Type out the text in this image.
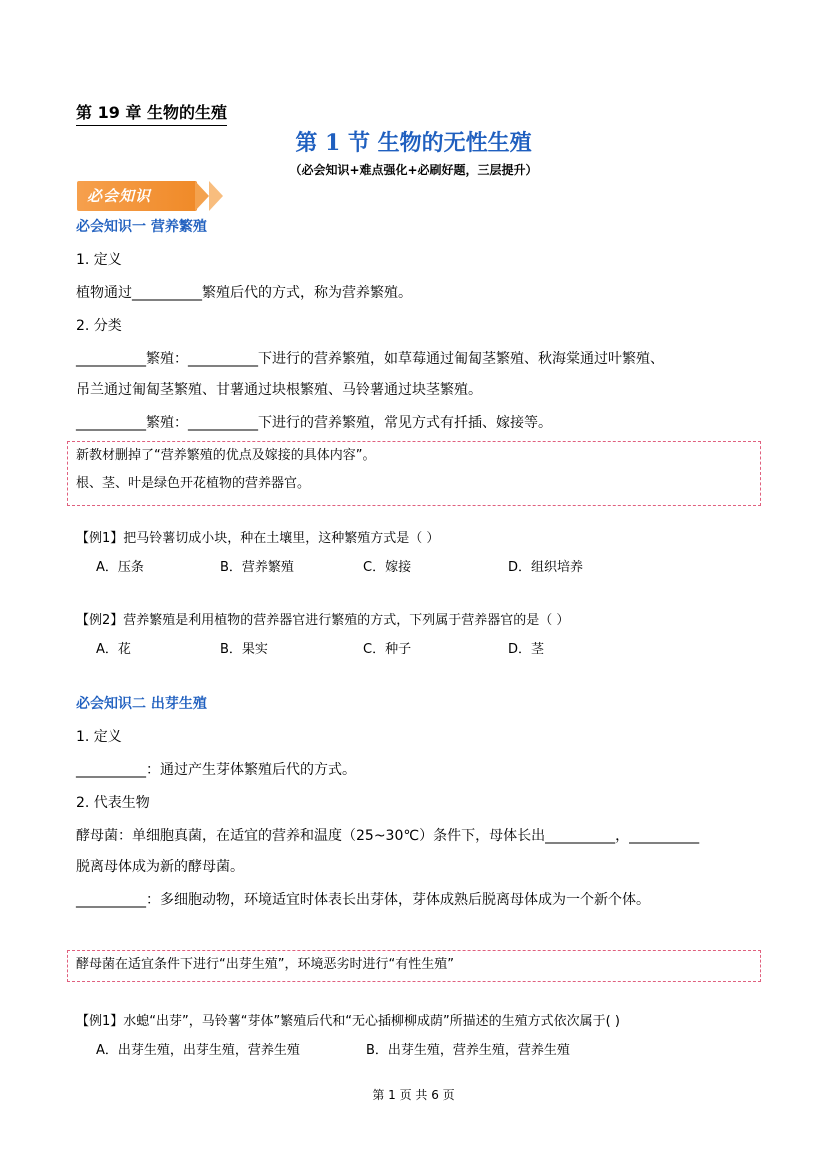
第 19 章 生物的生殖
第 1 节 生物的无性生殖
（必会知识+难点强化+必刷好题，三层提升）
必会知识
必会知识一 营养繁殖
1. 定义
植物通过__________繁殖后代的方式，称为营养繁殖。
2. 分类
__________繁殖：__________下进行的营养繁殖，如草莓通过匍匐茎繁殖、秋海棠通过叶繁殖、
吊兰通过匍匐茎繁殖、甘薯通过块根繁殖、马铃薯通过块茎繁殖。
__________繁殖：__________下进行的营养繁殖，常见方式有扦插、嫁接等。
新教材删掉了“营养繁殖的优点及嫁接的具体内容”。
根、茎、叶是绿色开花植物的营养器官。
【例1】把马铃薯切成小块，种在土壤里，这种繁殖方式是（ ）
A．压条	B．营养繁殖	C．嫁接	D．组织培养
【例2】营养繁殖是利用植物的营养器官进行繁殖的方式，下列属于营养器官的是（ ）
A．花	B．果实	C．种子	D．茎
必会知识二 出芽生殖
1. 定义
__________：通过产生芽体繁殖后代的方式。
2. 代表生物
酵母菌：单细胞真菌，在适宜的营养和温度（25~30℃）条件下，母体长出__________，__________
脱离母体成为新的酵母菌。
__________：多细胞动物，环境适宜时体表长出芽体，芽体成熟后脱离母体成为一个新个体。
酵母菌在适宜条件下进行“出芽生殖”，环境恶劣时进行“有性生殖”
【例1】水螅“出芽”，马铃薯“芽体”繁殖后代和“无心插柳柳成荫”所描述的生殖方式依次属于( )
A．出芽生殖，出芽生殖，营养生殖	B．出芽生殖，营养生殖，营养生殖
第 1 页 共 6 页
